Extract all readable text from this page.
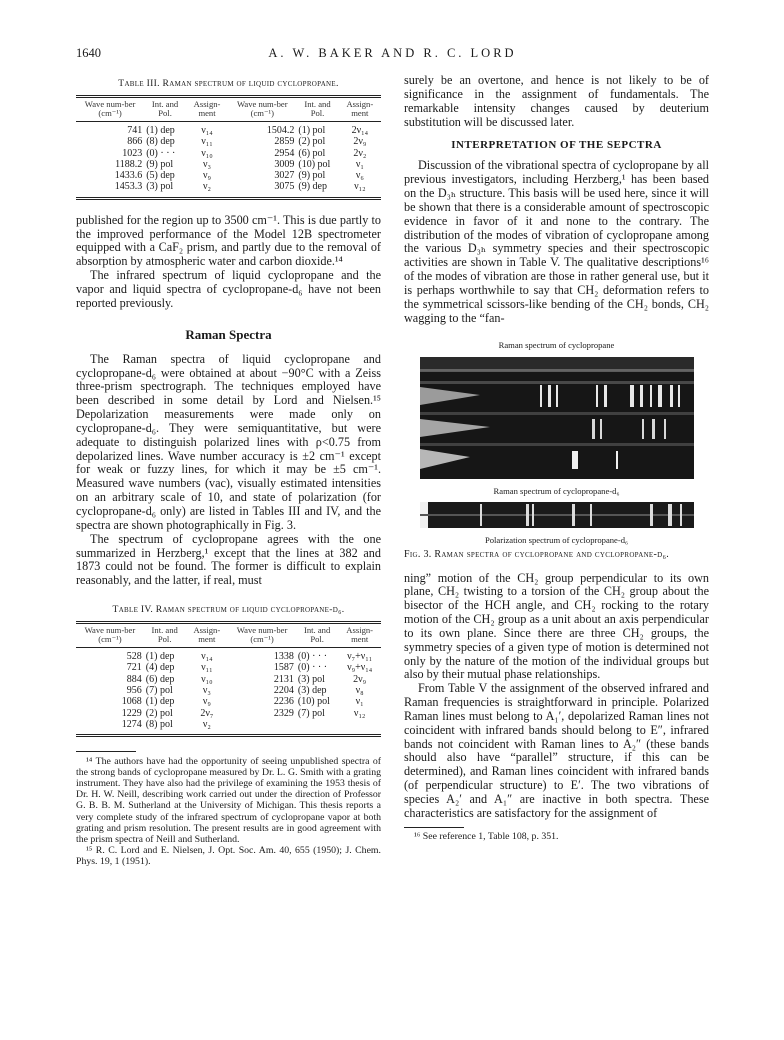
1640	A. W. BAKER AND R. C. LORD
Table III. Raman spectrum of liquid cyclopropane.
Wave num-ber (cm⁻¹)	Int. and Pol.	Assign-ment	Wave num-ber (cm⁻¹)	Int. and Pol.	Assign-ment
741	(1) dep	ν₁₄	1504.2	(1) pol	2ν₁₄
866	(8) dep	ν₁₁	2859	(2) pol	2ν₉
1023	(0) · · ·	ν₁₀	2954	(6) pol	2ν₂
1188.2	(9) pol	ν₃	3009	(10) pol	ν₁
1433.6	(5) dep	ν₉	3027	(9) pol	ν₆
1453.3	(3) pol	ν₂	3075	(9) dep	ν₁₂

published for the region up to 3500 cm⁻¹. This is due partly to the improved performance of the Model 12B spectrometer equipped with a CaF₂ prism, and partly due to the removal of absorption by atmospheric water and carbon dioxide.¹⁴

The infrared spectrum of liquid cyclopropane and the vapor and liquid spectra of cyclopropane-d₆ have not been reported previously.

Raman Spectra

The Raman spectra of liquid cyclopropane and cyclopropane-d₆ were obtained at about −90°C with a Zeiss three-prism spectrograph. The techniques employed have been described in some detail by Lord and Nielsen.¹⁵ Depolarization measurements were made only on cyclopropane-d₆. They were semiquantitative, but were adequate to distinguish polarized lines with ρ<0.75 from depolarized lines. Wave number accuracy is ±2 cm⁻¹ except for weak or fuzzy lines, for which it may be ±5 cm⁻¹. Measured wave numbers (vac), visually estimated intensities on an arbitrary scale of 10, and state of polarization (for cyclopropane-d₆ only) are listed in Tables III and IV, and the spectra are shown photographically in Fig. 3.

The spectrum of cyclopropane agrees with the one summarized in Herzberg,¹ except that the lines at 382 and 1873 could not be found. The former is difficult to explain reasonably, and the latter, if real, must

Table IV. Raman spectrum of liquid cyclopropane-d₆.
Wave num-ber (cm⁻¹)	Int. and Pol.	Assign-ment	Wave num-ber (cm⁻¹)	Int. and Pol.	Assign-ment
528	(1) dep	ν₁₄	1338	(0) · · ·	ν₇+ν₁₁
721	(4) dep	ν₁₁	1587	(0) · · ·	ν₉+ν₁₄
884	(6) dep	ν₁₀	2131	(3) pol	2ν₉
956	(7) pol	ν₃	2204	(3) dep	ν₈
1068	(1) dep	ν₉	2236	(10) pol	ν₁
1229	(2) pol	2ν₇	2329	(7) pol	ν₁₂
1274	(8) pol	ν₂			

¹⁴ The authors have had the opportunity of seeing unpublished spectra of the strong bands of cyclopropane measured by Dr. L. G. Smith with a grating instrument. They have also had the privilege of examining the 1953 thesis of Dr. H. W. Neill, describing work carried out under the direction of Professor G. B. B. M. Sutherland at the University of Michigan. This thesis reports a very complete study of the infrared spectrum of cyclopropane vapor at both grating and prism resolution. The present results are in good agreement with the prism spectra of Neill and Sutherland.

¹⁵ R. C. Lord and E. Nielsen, J. Opt. Soc. Am. 40, 655 (1950); J. Chem. Phys. 19, 1 (1951).

surely be an overtone, and hence is not likely to be of significance in the assignment of fundamentals. The remarkable intensity changes caused by deuterium substitution will be discussed later.

INTERPRETATION OF THE SEPCTRA

Discussion of the vibrational spectra of cyclopropane by all previous investigators, including Herzberg,¹ has been based on the D₃ₕ structure. This basis will be used here, since it will be shown that there is a considerable amount of spectroscopic evidence in favor of it and none to the contrary. The distribution of the modes of vibration of cyclopropane among the various D₃ₕ symmetry species and their spectroscopic activities are shown in Table V. The qualitative descriptions¹⁶ of the modes of vibration are those in rather general use, but it is perhaps worthwhile to say that CH₂ deformation refers to the symmetrical scissors-like bending of the CH₂ bonds, CH₂ wagging to the “fan-

Raman spectrum of cyclopropane
Raman spectrum of cyclopropane-d₆
Polarization spectrum of cyclopropane-d₆
Fig. 3. Raman spectra of cyclopropane and cyclopropane-d₆.

ning” motion of the CH₂ group perpendicular to its own plane, CH₂ twisting to a torsion of the CH₂ group about the bisector of the HCH angle, and CH₂ rocking to the rotary motion of the CH₂ group as a unit about an axis perpendicular to its own plane. Since there are three CH₂ groups, the symmetry species of a given type of motion is determined not only by the nature of the motion of the individual groups but also by their mutual phase relationships.

From Table V the assignment of the observed infrared and Raman frequencies is straightforward in principle. Polarized Raman lines must belong to A₁′, depolarized Raman lines not coincident with infrared bands should belong to E″, infrared bands not coincident with Raman lines to A₂″ (these bands should also have “parallel” structure, if this can be determined), and Raman lines coincident with infrared bands (of perpendicular structure) to E′. The two vibrations of species A₂′ and A₁″ are inactive in both spectra. These characteristics are satisfactory for the assignment of

¹⁶ See reference 1, Table 108, p. 351.
